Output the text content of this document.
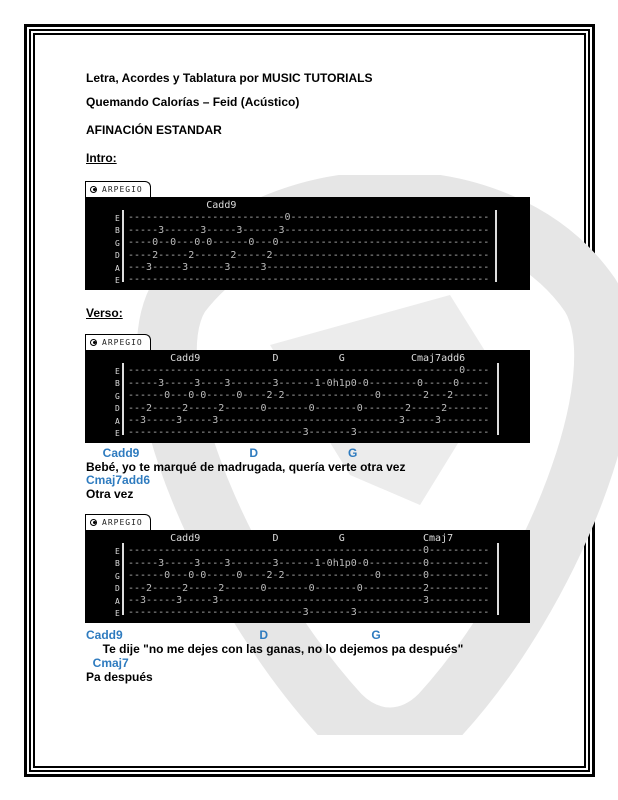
Letra, Acordes y Tablatura por MUSIC TUTORIALS
Quemando Calorías – Feid (Acústico)
AFINACIÓN ESTANDAR
Intro:
ARPEGIO
E
B
G
D
A
E
Cadd9
--------------------------0---------------------------------
-----3------3-----3------3----------------------------------
----0--0---0-0------0---0-----------------------------------
----2-----2------2-----2------------------------------------
---3-----3------3-----3-------------------------------------
------------------------------------------------------------
Verso:
ARPEGIO
E
B
G
D
A
E
Cadd9            D          G           Cmaj7add6
-------------------------------------------------------0----
-----3-----3----3-------3------1-0h1p0-0--------0-----0-----
------0---0-0-----0----2-2---------------0-------2---2------
---2-----2-----2------0-------0-------0-------2-----2-------
--3-----3-----3------------------------------3-----3--------
-----------------------------3-------3----------------------
Cadd9                                 D                           G
Bebé, yo te marqué de madrugada, quería verte otra vez
Cmaj7add6
Otra vez
ARPEGIO
E
B
G
D
A
E
Cadd9            D          G             Cmaj7
-------------------------------------------------0----------
-----3-----3----3-------3------1-0h1p0-0---------0----------
------0---0-0-----0----2-2---------------0-------0----------
---2-----2-----2------0-------0-------0----------2----------
--3-----3-----3----------------------------------3----------
-----------------------------3-------3----------------------
Cadd9                                         D                               G
Te dije "no me dejes con las ganas, no lo dejemos pa después"
Cmaj7
Pa después
